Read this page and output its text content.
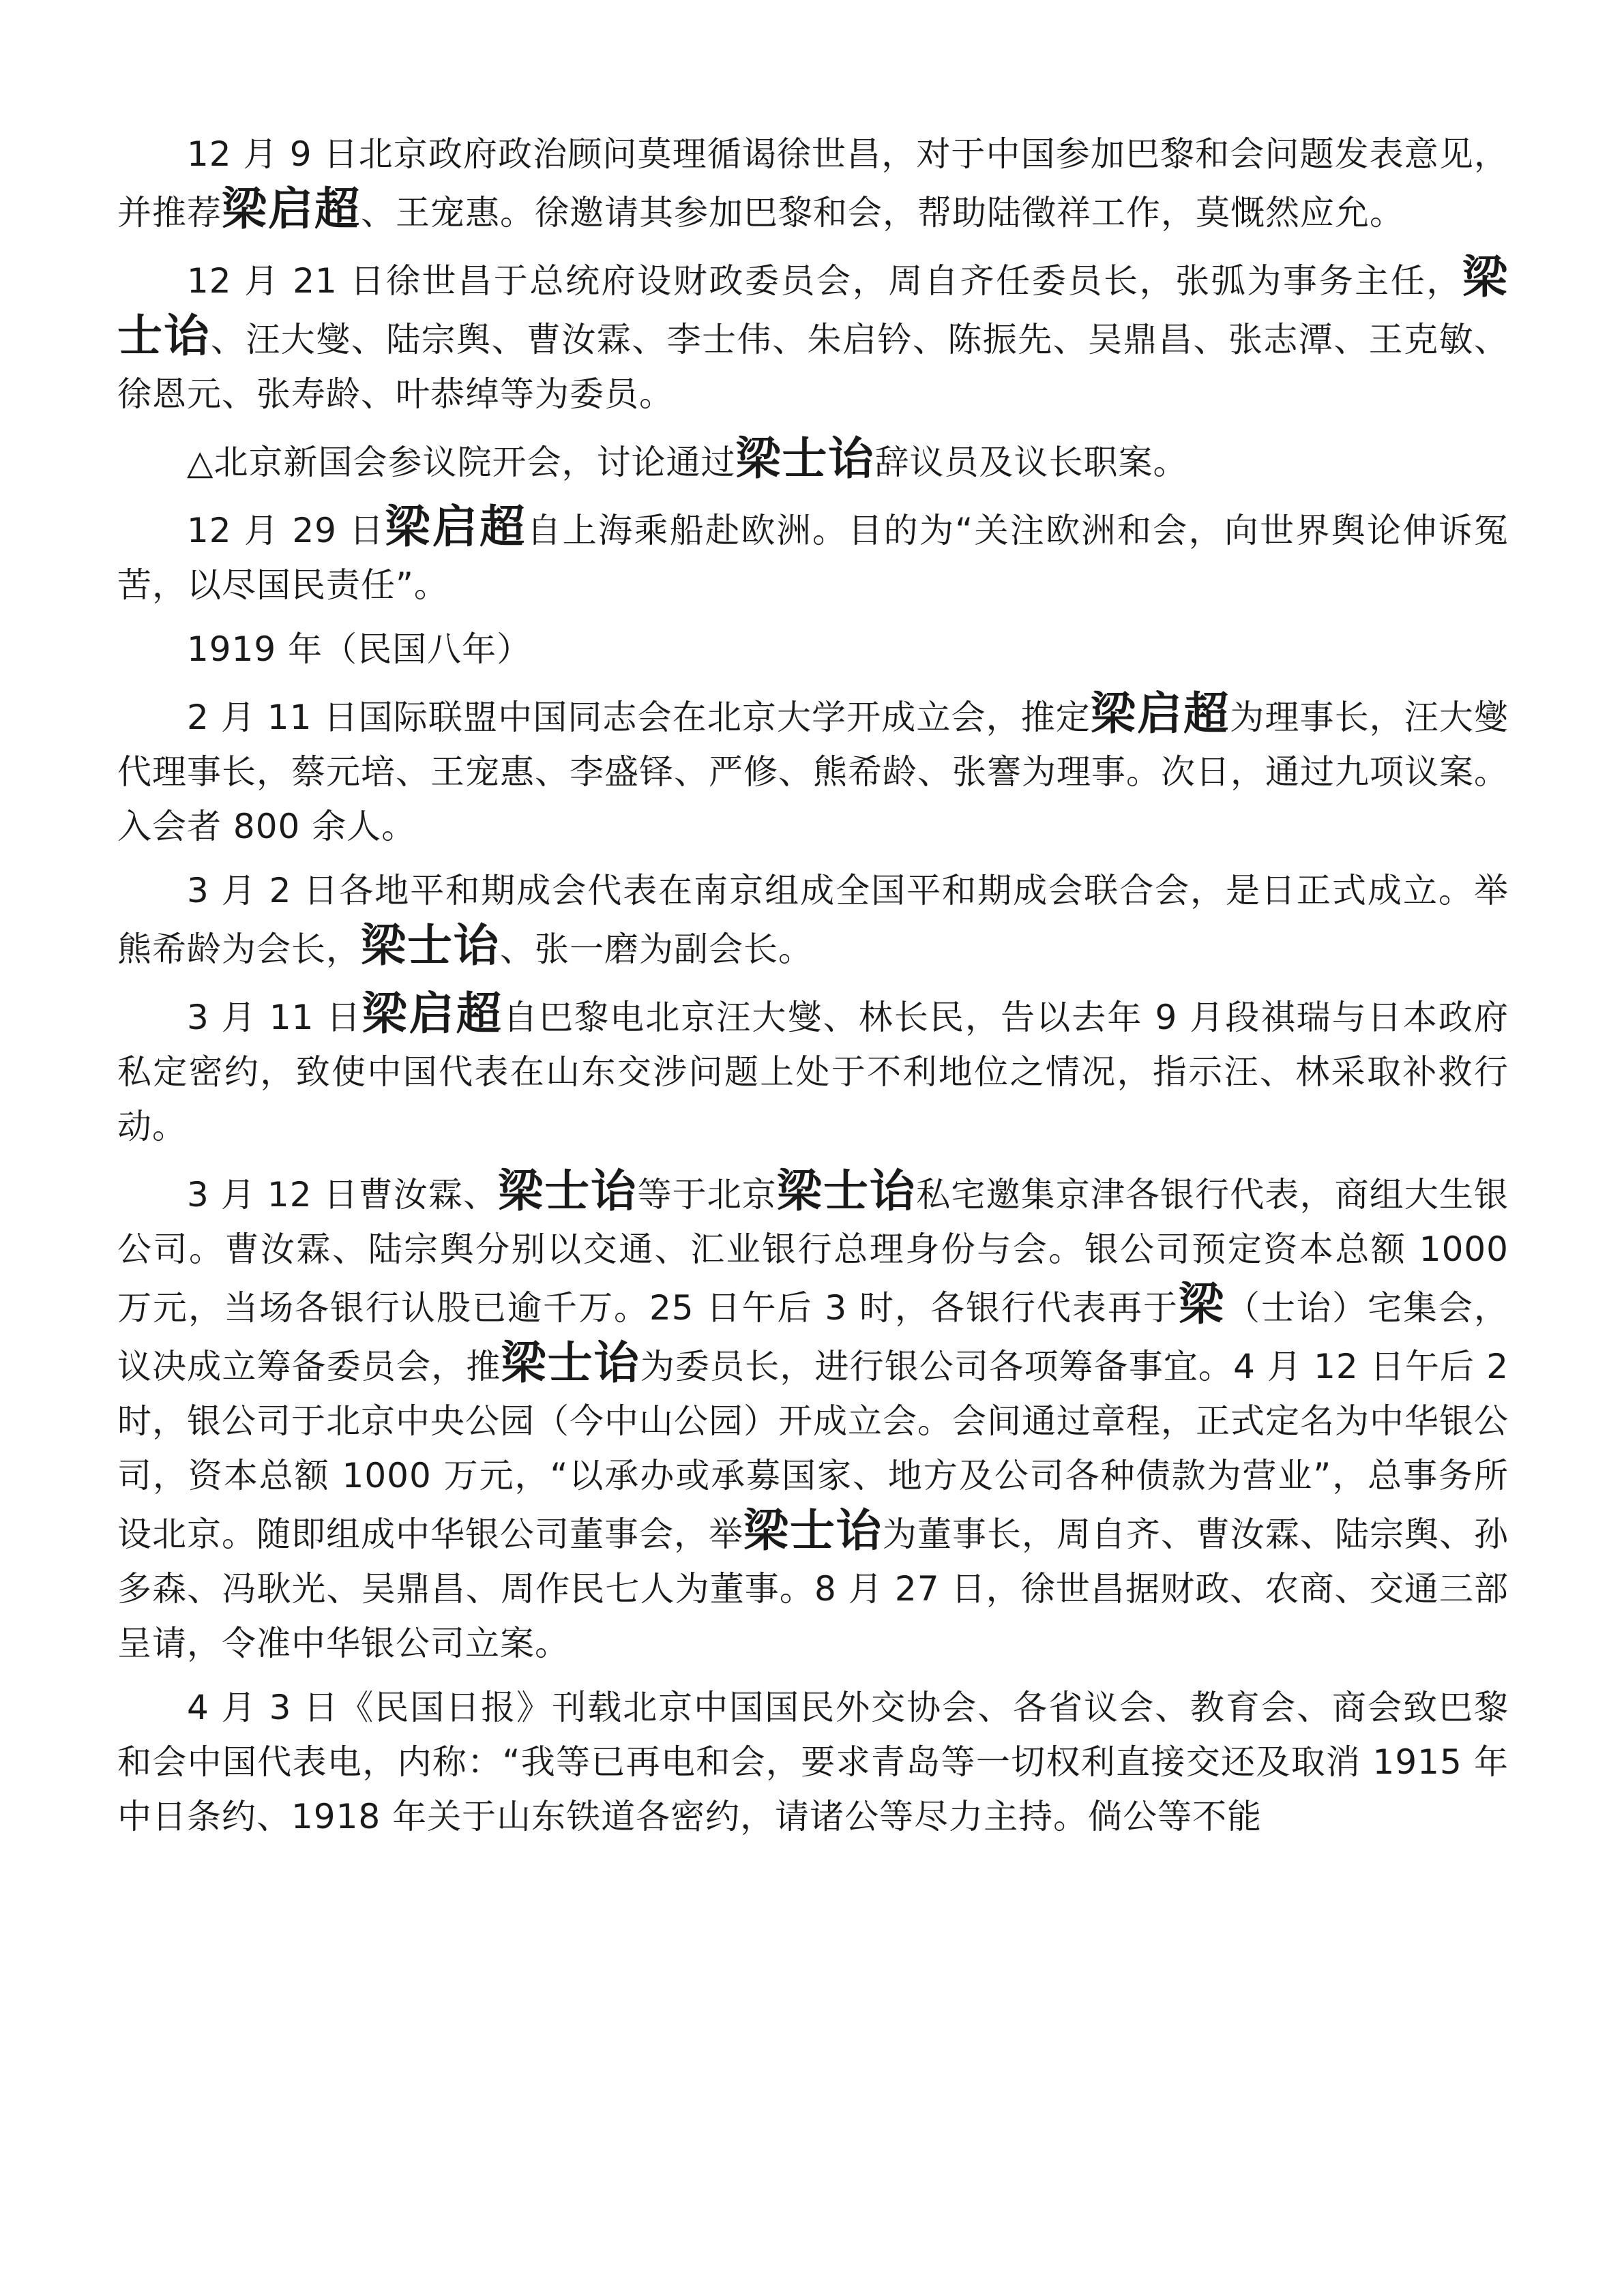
12 月 9 日北京政府政治顾问莫理循谒徐世昌，对于中国参加巴黎和会问题发表意见，并推荐梁启超、王宠惠。徐邀请其参加巴黎和会，帮助陆徵祥工作，莫慨然应允。

12 月 21 日徐世昌于总统府设财政委员会，周自齐任委员长，张弧为事务主任，梁士诒、汪大燮、陆宗舆、曹汝霖、李士伟、朱启钤、陈振先、吴鼎昌、张志潭、王克敏、徐恩元、张寿龄、叶恭绰等为委员。

△北京新国会参议院开会，讨论通过梁士诒辞议员及议长职案。

12 月 29 日梁启超自上海乘船赴欧洲。目的为“关注欧洲和会，向世界舆论伸诉冤苦，以尽国民责任”。

1919 年（民国八年）

2 月 11 日国际联盟中国同志会在北京大学开成立会，推定梁启超为理事长，汪大燮代理事长，蔡元培、王宠惠、李盛铎、严修、熊希龄、张謇为理事。次日，通过九项议案。入会者 800 余人。

3 月 2 日各地平和期成会代表在南京组成全国平和期成会联合会，是日正式成立。举熊希龄为会长，梁士诒、张一磨为副会长。

3 月 11 日梁启超自巴黎电北京汪大燮、林长民，告以去年 9 月段祺瑞与日本政府私定密约，致使中国代表在山东交涉问题上处于不利地位之情况，指示汪、林采取补救行动。

3 月 12 日曹汝霖、梁士诒等于北京梁士诒私宅邀集京津各银行代表，商组大生银公司。曹汝霖、陆宗舆分别以交通、汇业银行总理身份与会。银公司预定资本总额 1000 万元，当场各银行认股已逾千万。25 日午后 3 时，各银行代表再于梁（士诒）宅集会，议决成立筹备委员会，推梁士诒为委员长，进行银公司各项筹备事宜。4 月 12 日午后 2 时，银公司于北京中央公园（今中山公园）开成立会。会间通过章程，正式定名为中华银公司，资本总额 1000 万元，“以承办或承募国家、地方及公司各种债款为营业”，总事务所设北京。随即组成中华银公司董事会，举梁士诒为董事长，周自齐、曹汝霖、陆宗舆、孙多森、冯耿光、吴鼎昌、周作民七人为董事。8 月 27 日，徐世昌据财政、农商、交通三部呈请，令准中华银公司立案。

4 月 3 日《民国日报》刊载北京中国国民外交协会、各省议会、教育会、商会致巴黎和会中国代表电，内称：“我等已再电和会，要求青岛等一切权利直接交还及取消 1915 年中日条约、1918 年关于山东铁道各密约，请诸公等尽力主持。倘公等不能
